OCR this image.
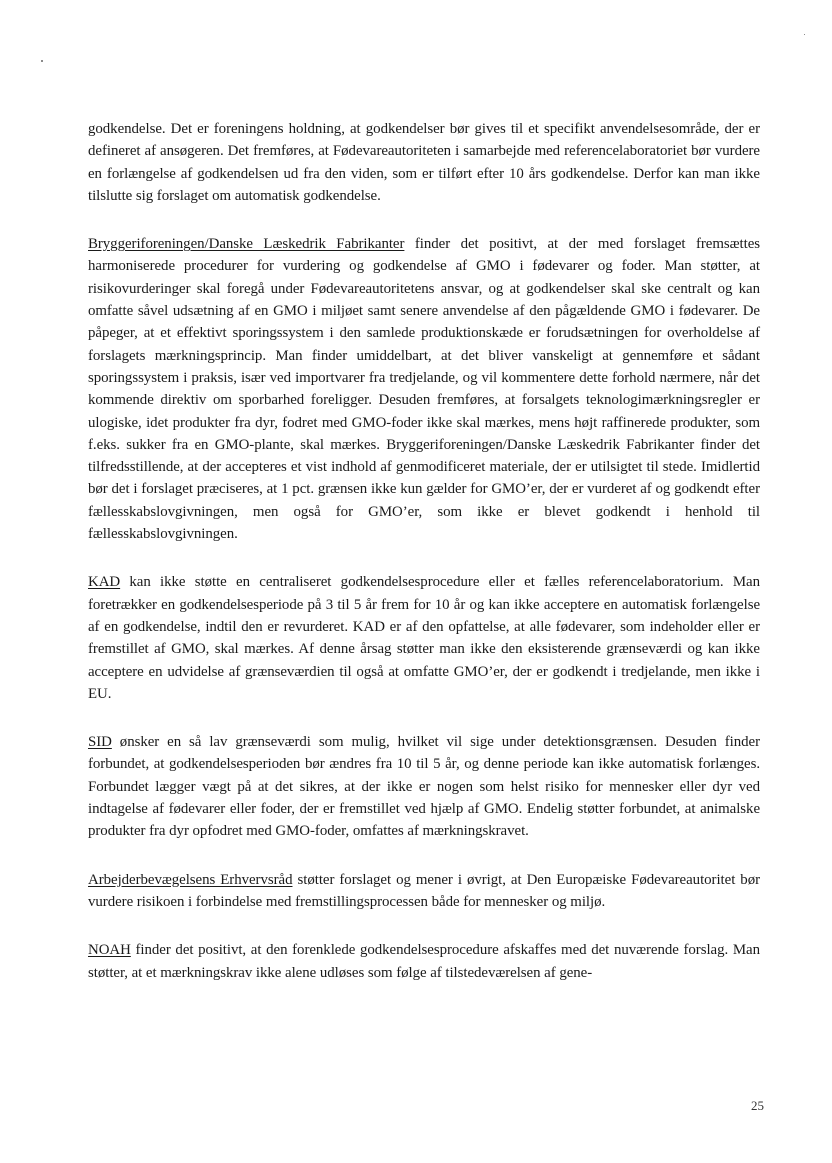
godkendelse. Det er foreningens holdning, at godkendelser bør gives til et specifikt anvendelsesområde, der er defineret af ansøgeren. Det fremføres, at Fødevareautoriteten i samarbejde med referencelaboratoriet bør vurdere en forlængelse af godkendelsen ud fra den viden, som er tilført efter 10 års godkendelse. Derfor kan man ikke tilslutte sig forslaget om automatisk godkendelse.

Bryggeriforeningen/Danske Læskedrik Fabrikanter finder det positivt, at der med forslaget fremsættes harmoniserede procedurer for vurdering og godkendelse af GMO i fødevarer og foder. Man støtter, at risikovurderinger skal foregå under Fødevareautoritetens ansvar, og at godkendelser skal ske centralt og kan omfatte såvel udsætning af en GMO i miljøet samt senere anvendelse af den pågældende GMO i fødevarer. De påpeger, at et effektivt sporingssystem i den samlede produktionskæde er forudsætningen for overholdelse af forslagets mærkningsprincip. Man finder umiddelbart, at det bliver vanskeligt at gennemføre et sådant sporingssystem i praksis, især ved importvarer fra tredjelande, og vil kommentere dette forhold nærmere, når det kommende direktiv om sporbarhed foreligger. Desuden fremføres, at forsalgets teknologimærkningsregler er ulogiske, idet produkter fra dyr, fodret med GMO-foder ikke skal mærkes, mens højt raffinerede produkter, som f.eks. sukker fra en GMO-plante, skal mærkes. Bryggeriforeningen/Danske Læskedrik Fabrikanter finder det tilfredsstillende, at der accepteres et vist indhold af genmodificeret materiale, der er utilsigtet til stede. Imidlertid bør det i forslaget præciseres, at 1 pct. grænsen ikke kun gælder for GMO’er, der er vurderet af og godkendt efter fællesskabslovgivningen, men også for GMO’er, som ikke er blevet godkendt i henhold til fællesskabslovgivningen.

KAD kan ikke støtte en centraliseret godkendelsesprocedure eller et fælles referencelaboratorium. Man foretrækker en godkendelsesperiode på 3 til 5 år frem for 10 år og kan ikke acceptere en automatisk forlængelse af en godkendelse, indtil den er revurderet. KAD er af den opfattelse, at alle fødevarer, som indeholder eller er fremstillet af GMO, skal mærkes. Af denne årsag støtter man ikke den eksisterende grænseværdi og kan ikke acceptere en udvidelse af grænseværdien til også at omfatte GMO’er, der er godkendt i tredjelande, men ikke i EU.

SID ønsker en så lav grænseværdi som mulig, hvilket vil sige under detektionsgrænsen. Desuden finder forbundet, at godkendelsesperioden bør ændres fra 10 til 5 år, og denne periode kan ikke automatisk forlænges. Forbundet lægger vægt på at det sikres, at der ikke er nogen som helst risiko for mennesker eller dyr ved indtagelse af fødevarer eller foder, der er fremstillet ved hjælp af GMO. Endelig støtter forbundet, at animalske produkter fra dyr opfodret med GMO-foder, omfattes af mærkningskravet.

Arbejderbevægelsens Erhvervsråd støtter forslaget og mener i øvrigt, at Den Europæiske Fødevareautoritet bør vurdere risikoen i forbindelse med fremstillingsprocessen både for mennesker og miljø.

NOAH finder det positivt, at den forenklede godkendelsesprocedure afskaffes med det nuværende forslag. Man støtter, at et mærkningskrav ikke alene udløses som følge af tilstedeværelsen af gene-

25
